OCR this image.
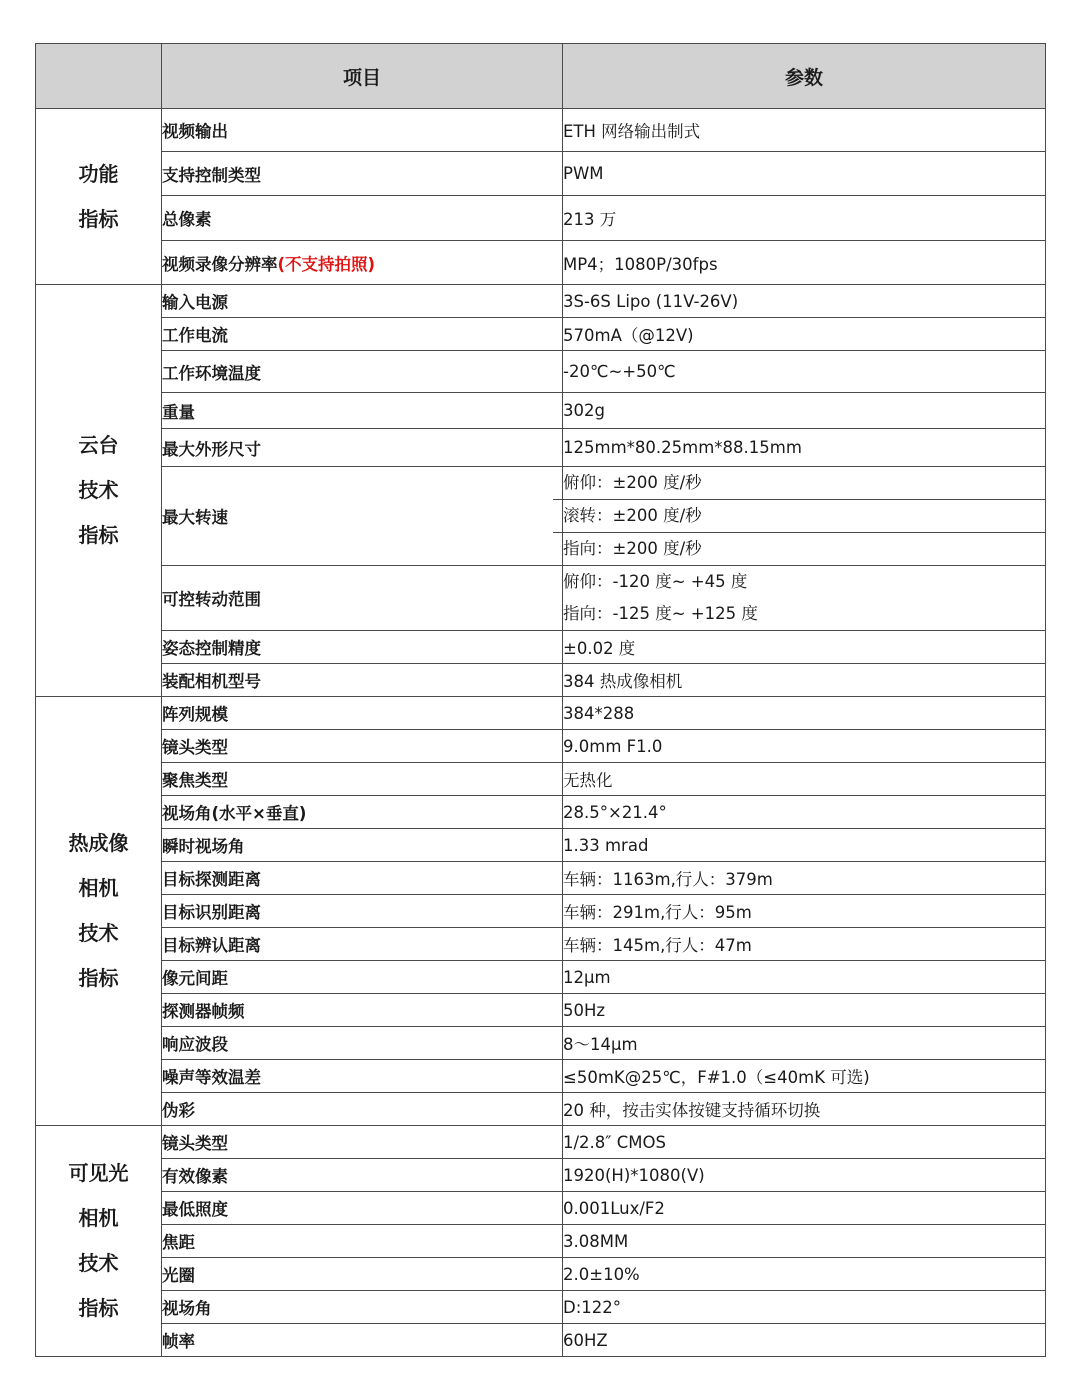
	项目	参数

功能
指标	视频输出	ETH 网络输出制式

	支持控制类型	PWM

	总像素	213 万

	视频录像分辨率(不支持拍照)	MP4；1080P/30fps

云台
技术
指标	输入电源	3S-6S Lipo (11V-26V)

	工作电流	570mA（@12V)

	工作环境温度	-20℃~+50℃

	重量	302g

	最大外形尺寸	125mm*80.25mm*88.15mm

	最大转速	俯仰：±200 度/秒
滚转：±200 度/秒
指向：±200 度/秒

	可控转动范围	俯仰：-120 度~ +45 度
指向：-125 度~ +125 度

	姿态控制精度	±0.02 度

	装配相机型号	384 热成像相机

热成像
相机
技术
指标	阵列规模	384*288

	镜头类型	9.0mm F1.0

	聚焦类型	无热化

	视场角(水平×垂直)	28.5°×21.4°

	瞬时视场角	1.33 mrad

	目标探测距离	车辆：1163m,行人：379m

	目标识别距离	车辆：291m,行人：95m

	目标辨认距离	车辆：145m,行人：47m

	像元间距	12μm

	探测器帧频	50Hz

	响应波段	8～14μm

	噪声等效温差	≤50mK@25℃，F#1.0（≤40mK 可选)

	伪彩	20 种，按击实体按键支持循环切换

可见光
相机
技术
指标	镜头类型	1/2.8″ CMOS

	有效像素	1920(H)*1080(V)

	最低照度	0.001Lux/F2

	焦距	3.08MM

	光圈	2.0±10%

	视场角	D:122°

	帧率	60HZ
